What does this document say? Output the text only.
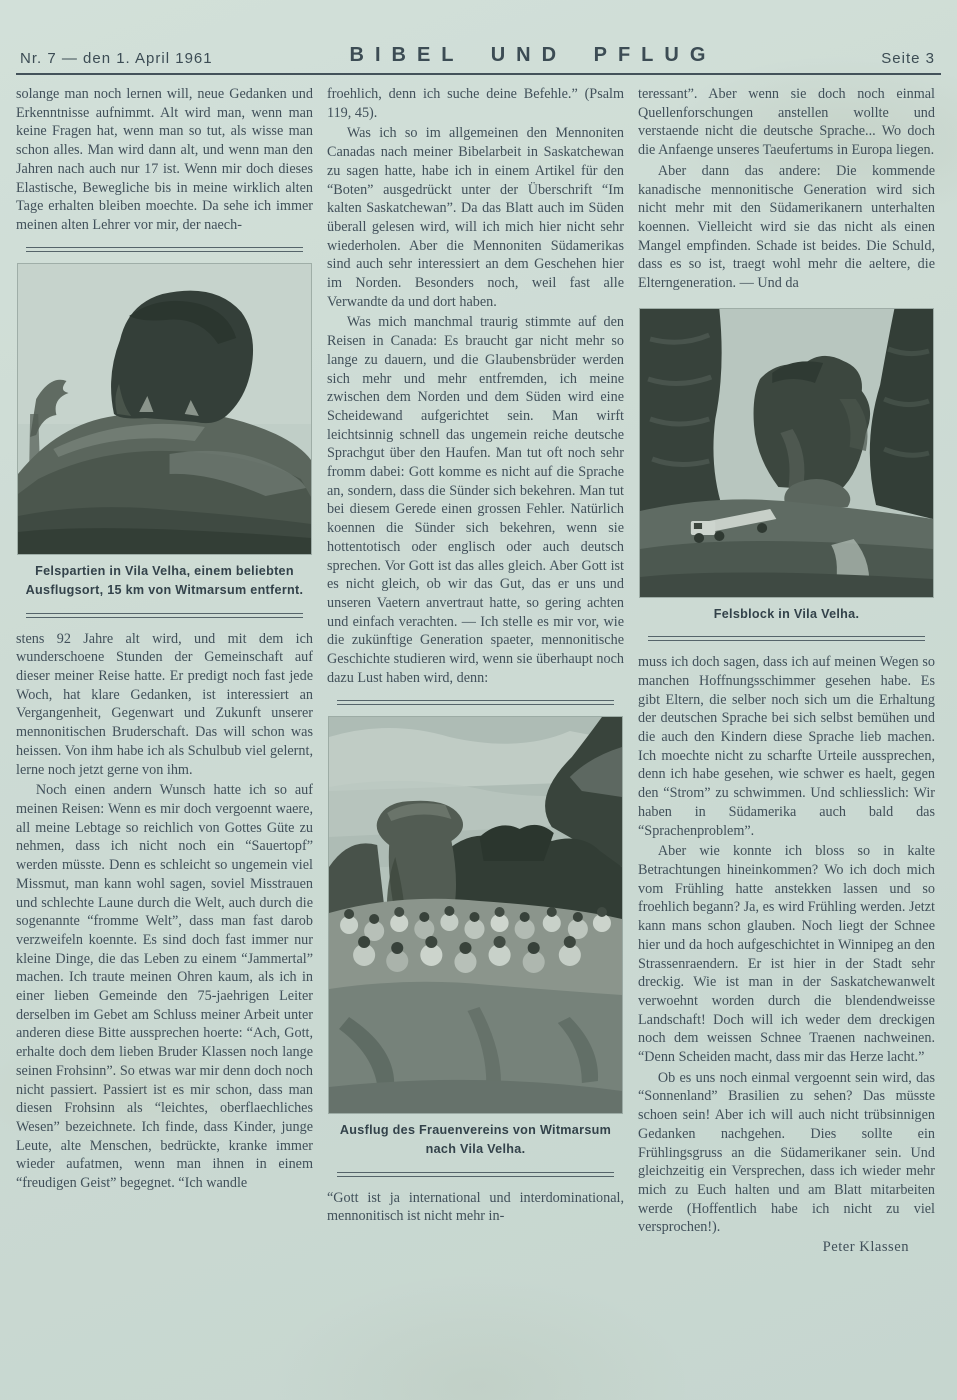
Nr. 7 — den 1. April 1961	BIBEL UND PFLUG	Seite 3

solange man noch lernen will, neue Gedanken und Erkenntnisse aufnimmt. Alt wird man, wenn man keine Fragen hat, wenn man so tut, als wisse man schon alles. Man wird dann alt, und wenn man den Jahren nach auch nur 17 ist. Wenn mir doch dieses Elastische, Bewegliche bis in meine wirklich alten Tage erhalten bleiben moechte. Da sehe ich immer meinen alten Lehrer vor mir, der naech-

Felspartien in Vila Velha, einem beliebten Ausflugsort, 15 km von Witmarsum entfernt.

stens 92 Jahre alt wird, und mit dem ich wunderschoene Stunden der Gemeinschaft auf dieser meiner Reise hatte. Er predigt noch fast jede Woch, hat klare Gedanken, ist interessiert an Vergangenheit, Gegenwart und Zukunft unserer mennonitischen Bruderschaft. Das will schon was heissen. Von ihm habe ich als Schulbub viel gelernt, lerne noch jetzt gerne von ihm.

Noch einen andern Wunsch hatte ich so auf meinen Reisen: Wenn es mir doch vergoennt waere, all meine Lebtage so reichlich von Gottes Güte zu nehmen, dass ich nicht noch ein “Sauertopf” werden müsste. Denn es schleicht so ungemein viel Missmut, man kann wohl sagen, soviel Misstrauen und schlechte Laune durch die Welt, auch durch die sogenannte “fromme Welt”, dass man fast darob verzweifeln koennte. Es sind doch fast immer nur kleine Dinge, die das Leben zu einem “Jammertal” machen. Ich traute meinen Ohren kaum, als ich in einer lieben Gemeinde den 75-jaehrigen Leiter derselben im Gebet am Schluss meiner Arbeit unter anderen diese Bitte aussprechen hoerte: “Ach, Gott, erhalte doch dem lieben Bruder Klassen noch lange seinen Frohsinn”. So etwas war mir denn doch noch nicht passiert. Passiert ist es mir schon, dass man diesen Frohsinn als “leichtes, oberflaechliches Wesen” bezeichnete. Ich finde, dass Kinder, junge Leute, alte Menschen, bedrückte, kranke immer wieder aufatmen, wenn man ihnen in einem “freudigen Geist” begegnet. “Ich wandle

froehlich, denn ich suche deine Befehle.” (Psalm 119, 45).

Was ich so im allgemeinen den Mennoniten Canadas nach meiner Bibelarbeit in Saskatchewan zu sagen hatte, habe ich in einem Artikel für den “Boten” ausgedrückt unter der Überschrift “Im kalten Saskatchewan”. Da das Blatt auch im Süden überall gelesen wird, will ich mich hier nicht sehr wiederholen. Aber die Mennoniten Südamerikas sind auch sehr interessiert an dem Geschehen hier im Norden. Besonders noch, weil fast alle Verwandte da und dort haben.

Was mich manchmal traurig stimmte auf den Reisen in Canada: Es braucht gar nicht mehr so lange zu dauern, und die Glaubensbrüder werden sich mehr und mehr entfremden, ich meine zwischen dem Norden und dem Süden wird eine Scheidewand aufgerichtet sein. Man wirft leichtsinnig schnell das ungemein reiche deutsche Sprachgut über den Haufen. Man tut oft noch sehr fromm dabei: Gott komme es nicht auf die Sprache an, sondern, dass die Sünder sich bekehren. Man tut bei diesem Gerede einen grossen Fehler. Natürlich koennen die Sünder sich bekehren, wenn sie hottentotisch oder englisch oder auch deutsch sprechen. Vor Gott ist das alles gleich. Aber Gott ist es nicht gleich, ob wir das Gut, das er uns und unseren Vaetern anvertraut hatte, so gering achten und einfach verachten. — Ich stelle es mir vor, wie die zukünftige Generation spaeter, mennonitische Geschichte studieren wird, wenn sie überhaupt noch dazu Lust haben wird, denn:

Ausflug des Frauenvereins von Witmarsum nach Vila Velha.

“Gott ist ja international und interdominational, mennonitisch ist nicht mehr in-

teressant”. Aber wenn sie doch noch einmal Quellenforschungen anstellen wollte und verstaende nicht die deutsche Sprache... Wo doch die Anfaenge unseres Taeufertums in Europa liegen.

Aber dann das andere: Die kommende kanadische mennonitische Generation wird sich nicht mehr mit den Südamerikanern unterhalten koennen. Vielleicht wird sie das nicht als einen Mangel empfinden. Schade ist beides. Die Schuld, dass es so ist, traegt wohl mehr die aeltere, die Elterngeneration. — Und da

Felsblock in Vila Velha.

muss ich doch sagen, dass ich auf meinen Wegen so manchen Hoffnungsschimmer gesehen habe. Es gibt Eltern, die selber noch sich um die Erhaltung der deutschen Sprache bei sich selbst bemühen und die auch den Kindern diese Sprache lieb machen. Ich moechte nicht zu scharfte Urteile aussprechen, denn ich habe gesehen, wie schwer es haelt, gegen den “Strom” zu schwimmen. Und schliesslich: Wir haben in Südamerika auch bald das “Sprachenproblem”.

Aber wie konnte ich bloss so in kalte Betrachtungen hineinkommen? Wo ich doch mich vom Frühling hatte anstekken lassen und so froehlich begann? Ja, es wird Frühling werden. Jetzt kann mans schon glauben. Noch liegt der Schnee hier und da hoch aufgeschichtet in Winnipeg an den Strassenraendern. Er ist hier in der Stadt sehr dreckig. Wie ist man in der Saskatchewanwelt verwoehnt worden durch die blendendweisse Landschaft! Doch will ich weder dem dreckigen noch dem weissen Schnee Traenen nachweinen. “Denn Scheiden macht, dass mir das Herze lacht.”

Ob es uns noch einmal vergoennt sein wird, das “Sonnenland” Brasilien zu sehen? Das müsste schoen sein! Aber ich will auch nicht trübsinnigen Gedanken nachgehen. Dies sollte ein Frühlingsgruss an die Südamerikaner sein. Und gleichzeitig ein Versprechen, dass ich wieder mehr mich zu Euch halten und am Blatt mitarbeiten werde (Hoffentlich habe ich nicht zu viel versprochen!).

Peter Klassen
